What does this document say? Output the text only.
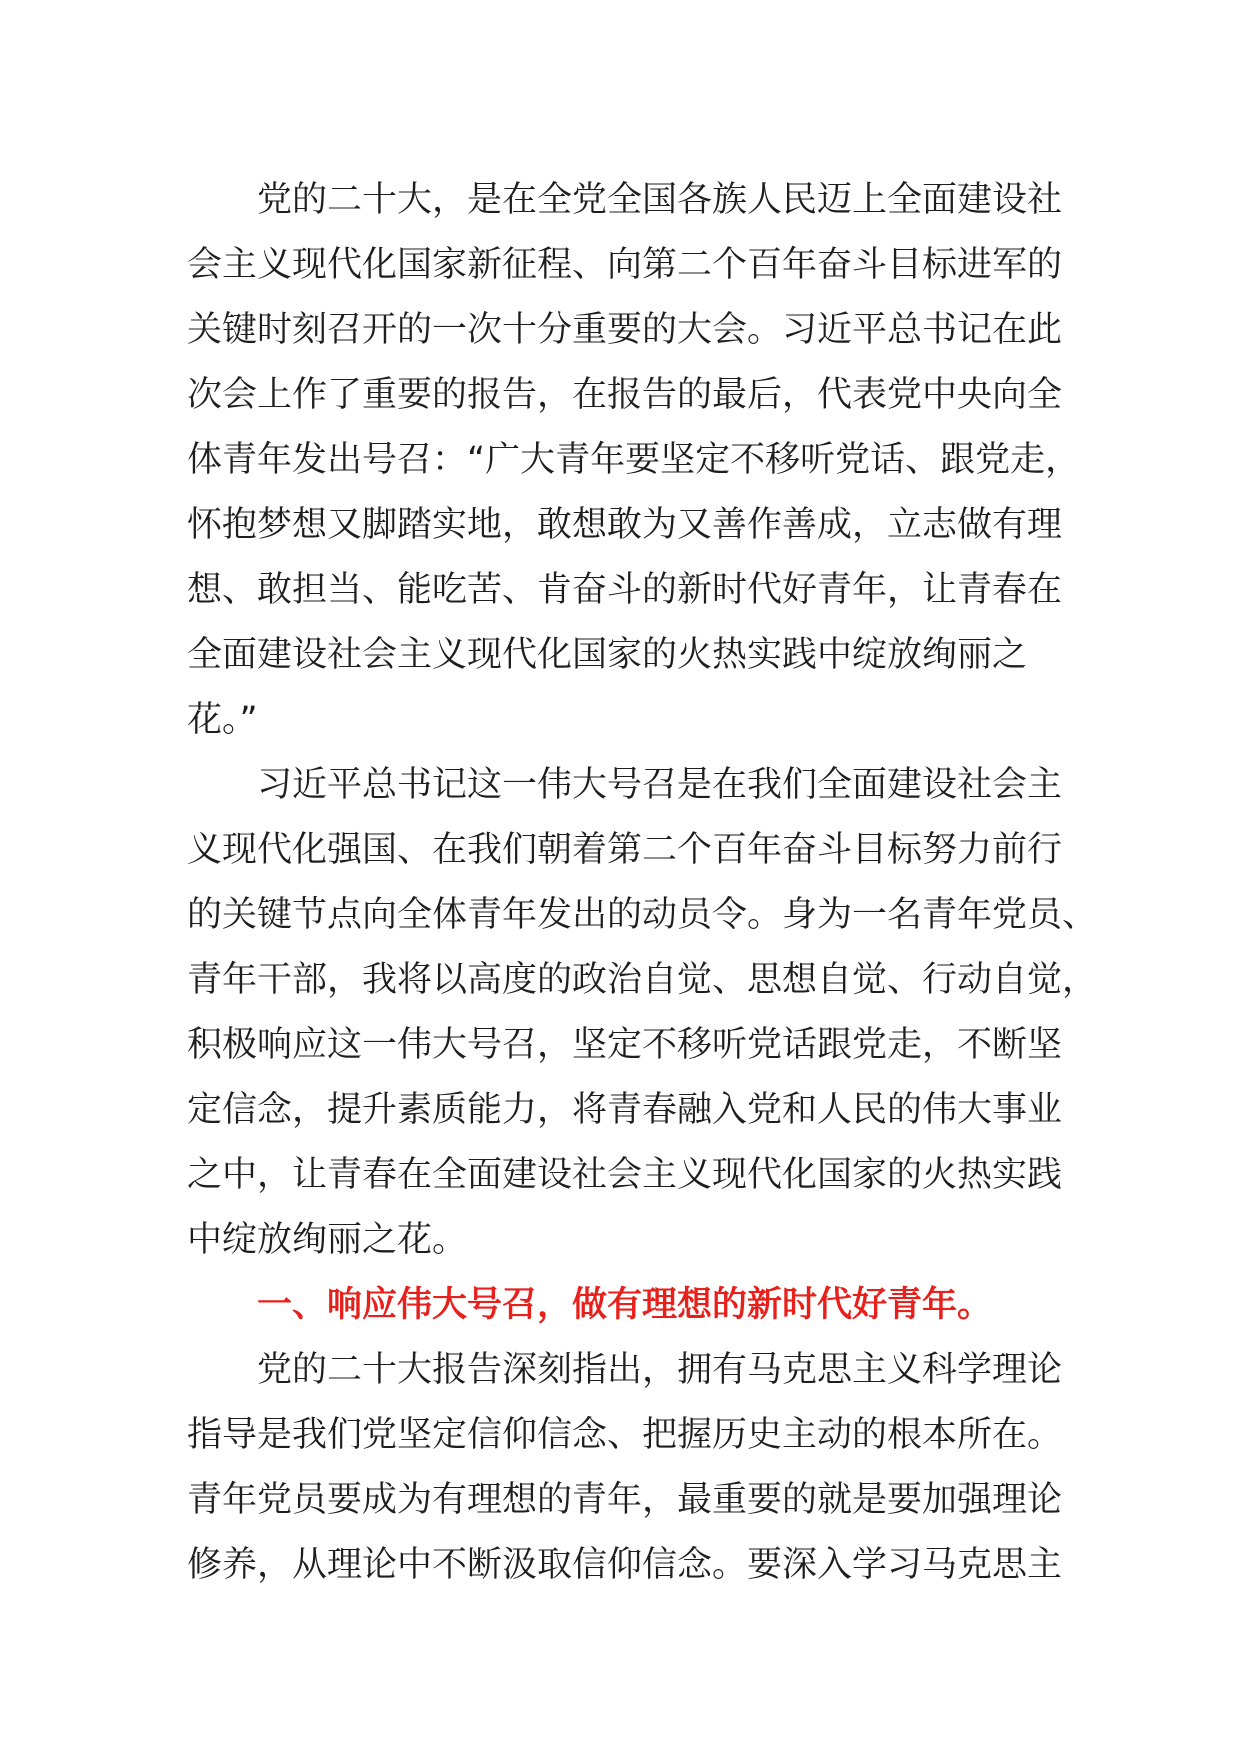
党的二十大，是在全党全国各族人民迈上全面建设社
会主义现代化国家新征程、向第二个百年奋斗目标进军的
关键时刻召开的一次十分重要的大会。习近平总书记在此
次会上作了重要的报告，在报告的最后，代表党中央向全
体青年发出号召：“广大青年要坚定不移听党话、跟党走，
怀抱梦想又脚踏实地，敢想敢为又善作善成，立志做有理
想、敢担当、能吃苦、肯奋斗的新时代好青年，让青春在
全面建设社会主义现代化国家的火热实践中绽放绚丽之
花。”
习近平总书记这一伟大号召是在我们全面建设社会主
义现代化强国、在我们朝着第二个百年奋斗目标努力前行
的关键节点向全体青年发出的动员令。身为一名青年党员、
青年干部，我将以高度的政治自觉、思想自觉、行动自觉，
积极响应这一伟大号召，坚定不移听党话跟党走，不断坚
定信念，提升素质能力，将青春融入党和人民的伟大事业
之中，让青春在全面建设社会主义现代化国家的火热实践
中绽放绚丽之花。
一、响应伟大号召，做有理想的新时代好青年。
党的二十大报告深刻指出，拥有马克思主义科学理论
指导是我们党坚定信仰信念、把握历史主动的根本所在。
青年党员要成为有理想的青年，最重要的就是要加强理论
修养，从理论中不断汲取信仰信念。要深入学习马克思主
